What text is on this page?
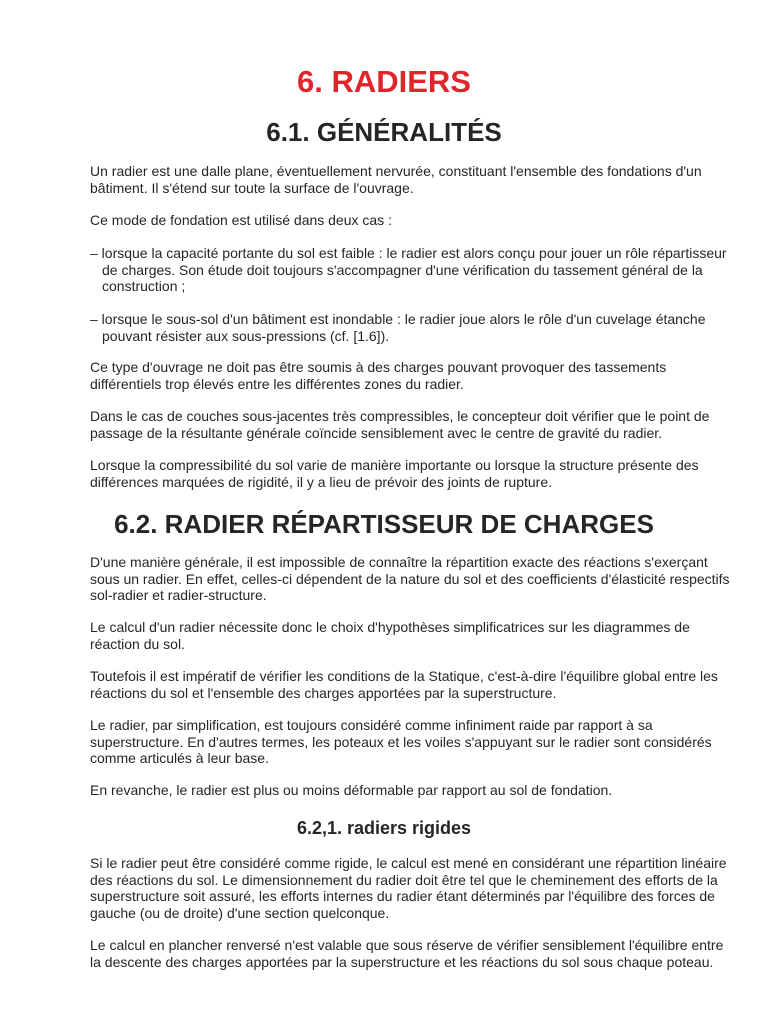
6. RADIERS
6.1. GÉNÉRALITÉS

Un radier est une dalle plane, éventuellement nervurée, constituant l'ensemble des fondations d'un bâtiment. Il s'étend sur toute la surface de l'ouvrage.

Ce mode de fondation est utilisé dans deux cas :

– lorsque la capacité portante du sol est faible : le radier est alors conçu pour jouer un rôle répartisseur de charges. Son étude doit toujours s'accompagner d'une vérification du tassement général de la construction ;

– lorsque le sous-sol d'un bâtiment est inondable : le radier joue alors le rôle d'un cuvelage étanche pouvant résister aux sous-pressions (cf. [1.6]).

Ce type d'ouvrage ne doit pas être soumis à des charges pouvant provoquer des tassements différentiels trop élevés entre les différentes zones du radier.

Dans le cas de couches sous-jacentes très compressibles, le concepteur doit vérifier que le point de passage de la résultante générale coïncide sensiblement avec le centre de gravité du radier.

Lorsque la compressibilité du sol varie de manière importante ou lorsque la structure présente des différences marquées de rigidité, il y a lieu de prévoir des joints de rupture.

6.2. RADIER RÉPARTISSEUR DE CHARGES

D'une manière générale, il est impossible de connaître la répartition exacte des réactions s'exerçant sous un radier. En effet, celles-ci dépendent de la nature du sol et des coefficients d'élasticité respectifs sol-radier et radier-structure.

Le calcul d'un radier nécessite donc le choix d'hypothèses simplificatrices sur les diagrammes de réaction du sol.

Toutefois il est impératif de vérifier les conditions de la Statique, c'est-à-dire l'équilibre global entre les réactions du sol et l'ensemble des charges apportées par la superstructure.

Le radier, par simplification, est toujours considéré comme infiniment raide par rapport à sa superstructure. En d'autres termes, les poteaux et les voiles s'appuyant sur le radier sont considérés comme articulés à leur base.

En revanche, le radier est plus ou moins déformable par rapport au sol de fondation.

6.2,1. radiers rigides

Si le radier peut être considéré comme rigide, le calcul est mené en considérant une répartition linéaire des réactions du sol. Le dimensionnement du radier doit être tel que le cheminement des efforts de la superstructure soit assuré, les efforts internes du radier étant déterminés par l'équilibre des forces de gauche (ou de droite) d'une section quelconque.

Le calcul en plancher renversé n'est valable que sous réserve de vérifier sensiblement l'équilibre entre la descente des charges apportées par la superstructure et les réactions du sol sous chaque poteau.
